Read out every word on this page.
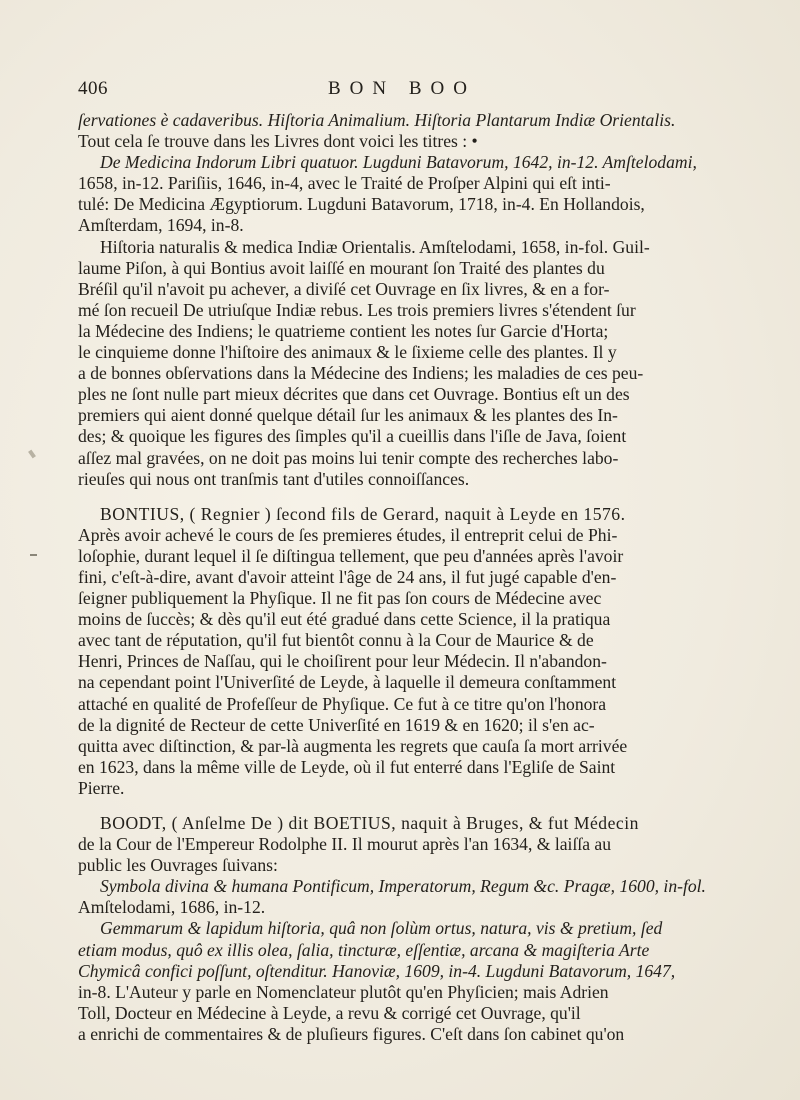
406	BON BOO

ſervationes è cadaveribus. Hiſtoria Animalium. Hiſtoria Plantarum Indiæ Orientalis.
Tout cela ſe trouve dans les Livres dont voici les titres : •

De Medicina Indorum Libri quatuor. Lugduni Batavorum, 1642, in-12. Amſtelodami,
1658, in-12. Pariſiis, 1646, in-4, avec le Traité de Proſper Alpini qui eſt inti-
tulé: De Medicina Ægyptiorum. Lugduni Batavorum, 1718, in-4. En Hollandois,
Amſterdam, 1694, in-8.

Hiſtoria naturalis & medica Indiæ Orientalis. Amſtelodami, 1658, in-fol. Guil-
laume Piſon, à qui Bontius avoit laiſſé en mourant ſon Traité des plantes du
Bréſil qu'il n'avoit pu achever, a diviſé cet Ouvrage en ſix livres, & en a for-
mé ſon recueil De utriuſque Indiæ rebus. Les trois premiers livres s'étendent ſur
la Médecine des Indiens; le quatrieme contient les notes ſur Garcie d'Horta;
le cinquieme donne l'hiſtoire des animaux & le ſixieme celle des plantes. Il y
a de bonnes obſervations dans la Médecine des Indiens; les maladies de ces peu-
ples ne ſont nulle part mieux décrites que dans cet Ouvrage. Bontius eſt un des
premiers qui aient donné quelque détail ſur les animaux & les plantes des In-
des; & quoique les figures des ſimples qu'il a cueillis dans l'iſle de Java, ſoient
aſſez mal gravées, on ne doit pas moins lui tenir compte des recherches labo-
rieuſes qui nous ont tranſmis tant d'utiles connoiſſances.

BONTIUS, ( Regnier ) ſecond fils de Gerard, naquit à Leyde en 1576.
Après avoir achevé le cours de ſes premieres études, il entreprit celui de Phi-
loſophie, durant lequel il ſe diſtingua tellement, que peu d'années après l'avoir
fini, c'eſt-à-dire, avant d'avoir atteint l'âge de 24 ans, il fut jugé capable d'en-
ſeigner publiquement la Phyſique. Il ne fit pas ſon cours de Médecine avec
moins de ſuccès; & dès qu'il eut été gradué dans cette Science, il la pratiqua
avec tant de réputation, qu'il fut bientôt connu à la Cour de Maurice & de
Henri, Princes de Naſſau, qui le choiſirent pour leur Médecin. Il n'abandon-
na cependant point l'Univerſité de Leyde, à laquelle il demeura conſtamment
attaché en qualité de Profeſſeur de Phyſique. Ce fut à ce titre qu'on l'honora
de la dignité de Recteur de cette Univerſité en 1619 & en 1620; il s'en ac-
quitta avec diſtinction, & par-là augmenta les regrets que cauſa ſa mort arrivée
en 1623, dans la même ville de Leyde, où il fut enterré dans l'Egliſe de Saint
Pierre.

BOODT, ( Anſelme De ) dit BOETIUS, naquit à Bruges, & fut Médecin
de la Cour de l'Empereur Rodolphe II. Il mourut après l'an 1634, & laiſſa au
public les Ouvrages ſuivans:

Symbola divina & humana Pontificum, Imperatorum, Regum &c. Pragæ, 1600, in-fol.
Amſtelodami, 1686, in-12.

Gemmarum & lapidum hiſtoria, quâ non ſolùm ortus, natura, vis & pretium, ſed
etiam modus, quô ex illis olea, ſalia, tincturæ, eſſentiæ, arcana & magiſteria Arte
Chymicâ confici poſſunt, oſtenditur. Hanoviæ, 1609, in-4. Lugduni Batavorum, 1647,
in-8. L'Auteur y parle en Nomenclateur plutôt qu'en Phyſicien; mais Adrien
Toll, Docteur en Médecine à Leyde, a revu & corrigé cet Ouvrage, qu'il
a enrichi de commentaires & de pluſieurs figures. C'eſt dans ſon cabinet qu'on
